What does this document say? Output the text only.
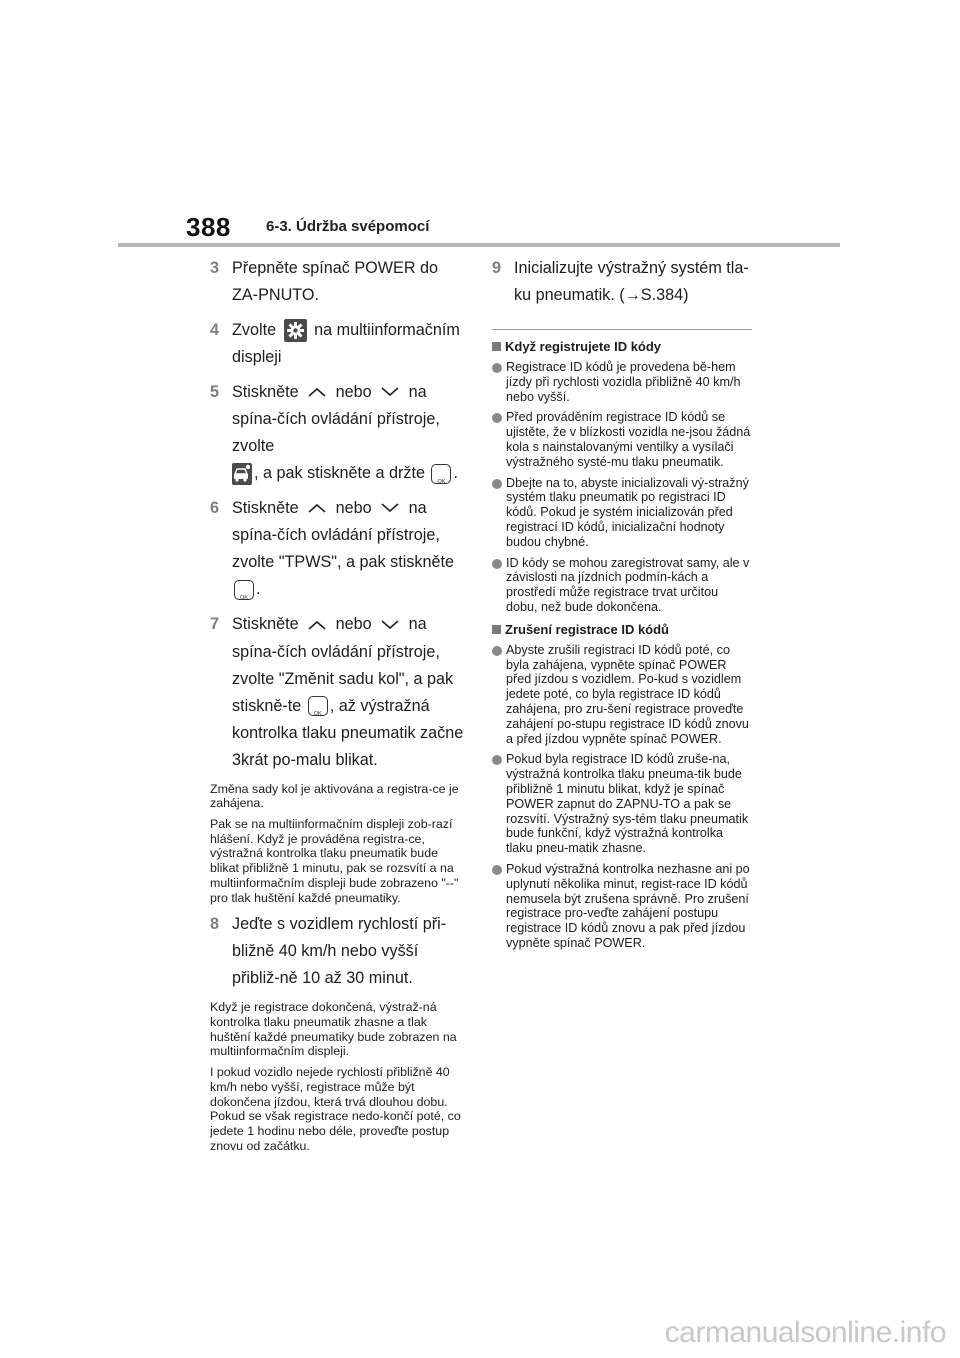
388 6-3. Údržba svépomocí
3 Přepněte spínač POWER do ZA-PNUTO.

4 Zvolte na multiinformačním displeji

5 Stiskněte nebo na spína-čích ovládání přístroje, zvolte
, a pak stiskněte a držte OK .

6 Stiskněte nebo na spína-čích ovládání přístroje, zvolte "TPWS", a pak stiskněte
OK .

7 Stiskněte nebo na spína-čích ovládání přístroje, zvolte "Změnit sadu kol", a pak stiskně-te OK , až výstražná kontrolka tlaku pneumatik začne 3krát po-malu blikat.

Změna sady kol je aktivována a registra-ce je zahájena.

Pak se na multiinformačním displeji zob-razí hlášení. Když je prováděna registra-ce, výstražná kontrolka tlaku pneumatik bude blikat přibližně 1 minutu, pak se rozsvítí a na multiinformačním displeji bude zobrazeno "--" pro tlak huštění každé pneumatiky.

8 Jeďte s vozidlem rychlostí při-bližně 40 km/h nebo vyšší přibliž-ně 10 až 30 minut.

Když je registrace dokončená, výstraž-ná kontrolka tlaku pneumatik zhasne a tlak huštění každé pneumatiky bude zobrazen na multiinformačním displeji.

I pokud vozidlo nejede rychlostí přibližně 40 km/h nebo vyšší, registrace může být dokončena jízdou, která trvá dlouhou dobu. Pokud se však registrace nedo-končí poté, co jedete 1 hodinu nebo déle, proveďte postup znovu od začátku.

9 Inicializujte výstražný systém tla-ku pneumatik. (→S.384)

Když registrujete ID kódy

Registrace ID kódů je provedena bě-hem jízdy při rychlosti vozidla přibližně 40 km/h nebo vyšší.
Před prováděním registrace ID kódů se ujistěte, že v blízkosti vozidla ne-jsou žádná kola s nainstalovanými ventilky a vysílači výstražného systé-mu tlaku pneumatik.
Dbejte na to, abyste inicializovali vý-stražný systém tlaku pneumatik po registraci ID kódů. Pokud je systém inicializován před registrací ID kódů, inicializační hodnoty budou chybné.
ID kódy se mohou zaregistrovat samy, ale v závislosti na jízdních podmín-kách a prostředí může registrace trvat určitou dobu, než bude dokončena.

Zrušení registrace ID kódů

Abyste zrušili registraci ID kódů poté, co byla zahájena, vypněte spínač POWER před jízdou s vozidlem. Po-kud s vozidlem jedete poté, co byla registrace ID kódů zahájena, pro zru-šení registrace proveďte zahájení po-stupu registrace ID kódů znovu a před jízdou vypněte spínač POWER.
Pokud byla registrace ID kódů zruše-na, výstražná kontrolka tlaku pneuma-tik bude přibližně 1 minutu blikat, když je spínač POWER zapnut do ZAPNU-TO a pak se rozsvítí. Výstražný sys-tém tlaku pneumatik bude funkční, když výstražná kontrolka tlaku pneu-matik zhasne.
Pokud výstražná kontrolka nezhasne ani po uplynutí několika minut, regist-race ID kódů nemusela být zrušena správně. Pro zrušení registrace pro-veďte zahájení postupu registrace ID kódů znovu a pak před jízdou vypněte spínač POWER.
carmanualsonline.info
